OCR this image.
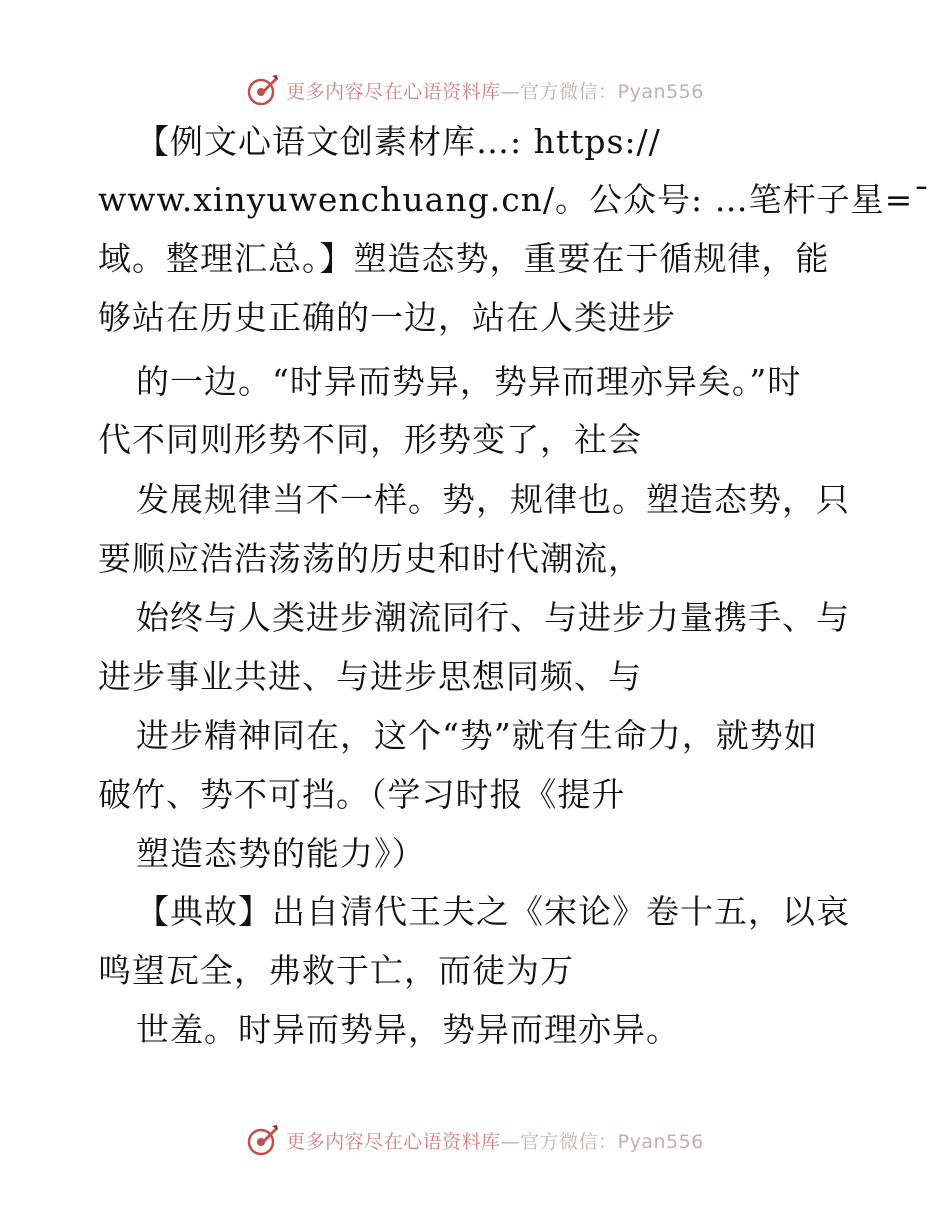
更多内容尽在心语资料库—官方微信：Pyan556
【例文心语文创素材库…: https://
www.xinyuwenchuang.cn/。公众号: …笔杆子星=¯
域。整理汇总。】塑造态势，重要在于循规律，能
够站在历史正确的一边，站在人类进步
的一边。“时异而势异，势异而理亦异矣。”时
代不同则形势不同，形势变了，社会
发展规律当不一样。势，规律也。塑造态势，只
要顺应浩浩荡荡的历史和时代潮流，
始终与人类进步潮流同行、与进步力量携手、与
进步事业共进、与进步思想同频、与
进步精神同在，这个“势”就有生命力，就势如
破竹、势不可挡。（学习时报《提升
塑造态势的能力》）
【典故】出自清代王夫之《宋论》卷十五，以哀
鸣望瓦全，弗救于亡，而徒为万
世羞。时异而势异，势异而理亦异。
更多内容尽在心语资料库—官方微信：Pyan556
